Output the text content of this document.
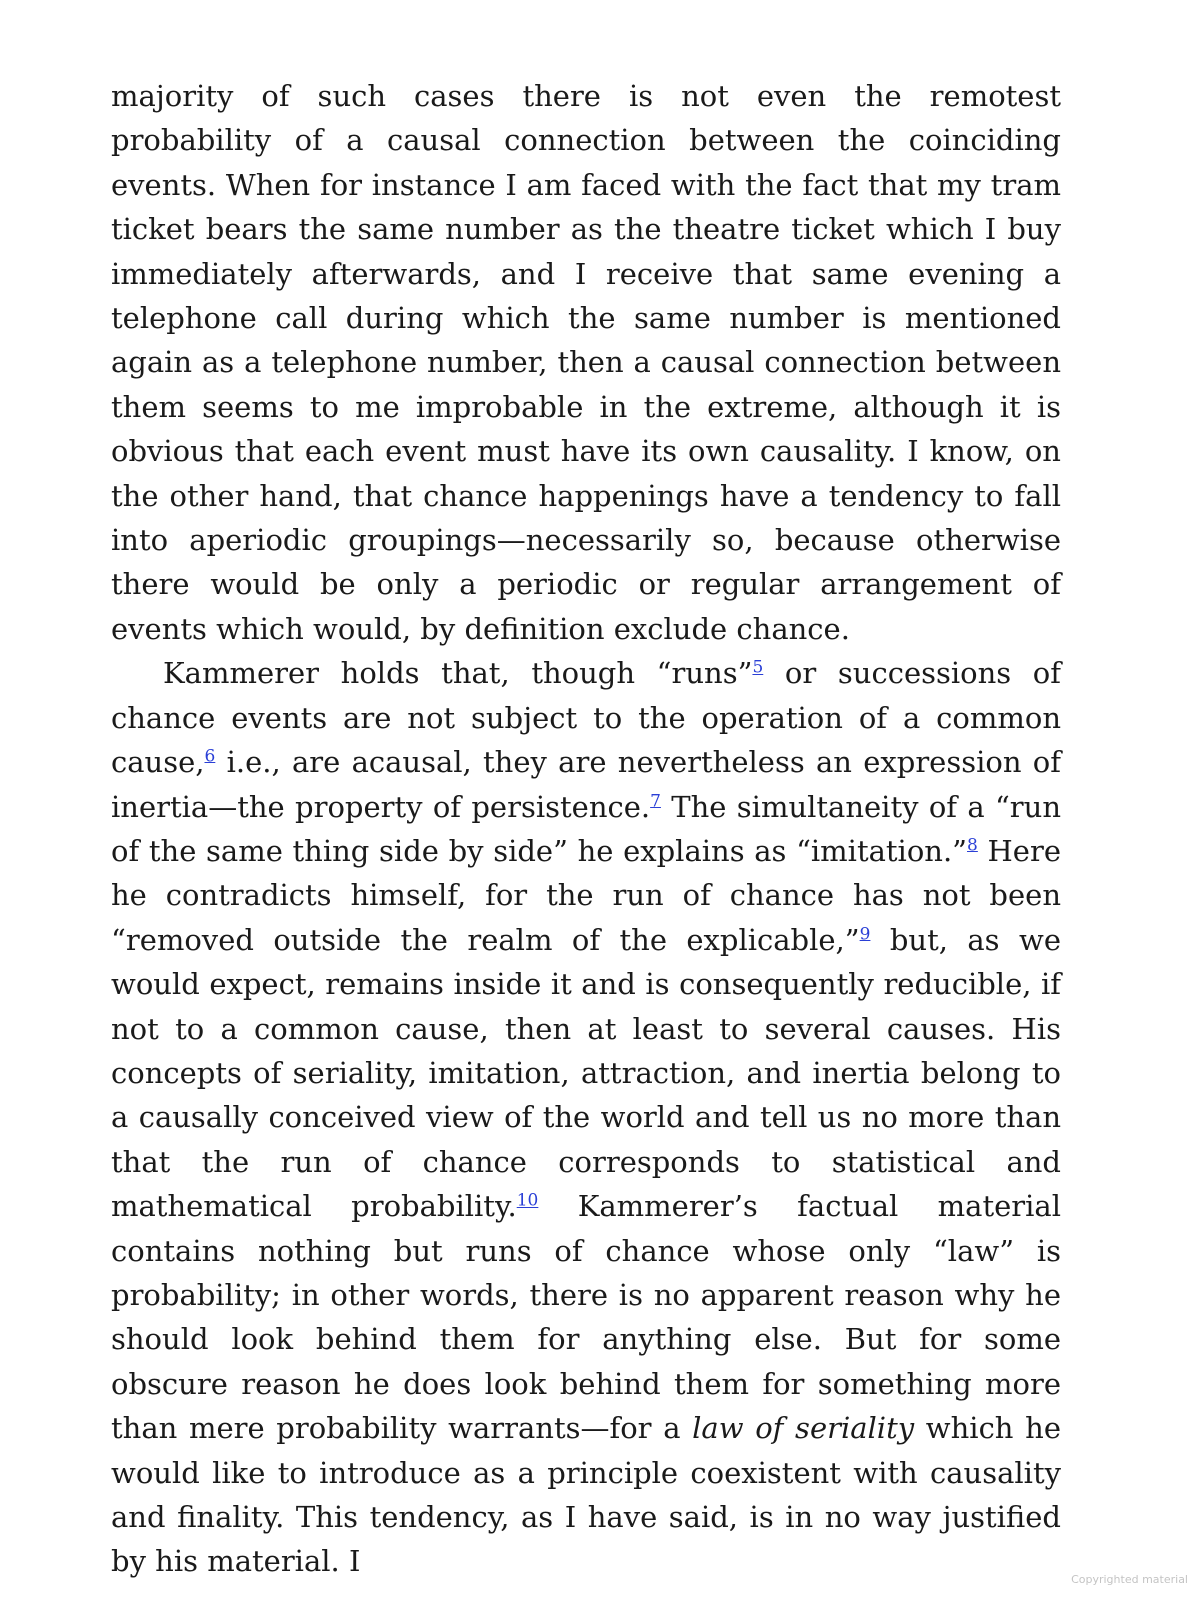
majority of such cases there is not even the remotest probability of a causal connection between the coinciding events. When for instance I am faced with the fact that my tram ticket bears the same number as the theatre ticket which I buy immediately afterwards, and I receive that same evening a telephone call during which the same number is mentioned again as a telephone number, then a causal connection between them seems to me improbable in the extreme, although it is obvious that each event must have its own causality. I know, on the other hand, that chance happenings have a tendency to fall into aperiodic groupings—necessarily so, because otherwise there would be only a periodic or regular arrangement of events which would, by definition exclude chance.

Kammerer holds that, though “runs”$^5$ or successions of chance events are not subject to the operation of a common cause,$^6$ i.e., are acausal, they are nevertheless an expression of inertia—the property of persistence.$^7$ The simultaneity of a “run of the same thing side by side” he explains as “imitation.”$^8$ Here he contradicts himself, for the run of chance has not been “removed outside the realm of the explicable,”$^9$ but, as we would expect, remains inside it and is consequently reducible, if not to a common cause, then at least to several causes. His concepts of seriality, imitation, attraction, and inertia belong to a causally conceived view of the world and tell us no more than that the run of chance corresponds to statistical and mathematical probability.$^{10}$ Kammerer’s factual material contains nothing but runs of chance whose only “law” is probability; in other words, there is no apparent reason why he should look behind them for anything else. But for some obscure reason he does look behind them for something more than mere probability warrants—for a law of seriality which he would like to introduce as a principle coexistent with causality and finality. This tendency, as I have said, is in no way justified by his material. I

Copyrighted material
